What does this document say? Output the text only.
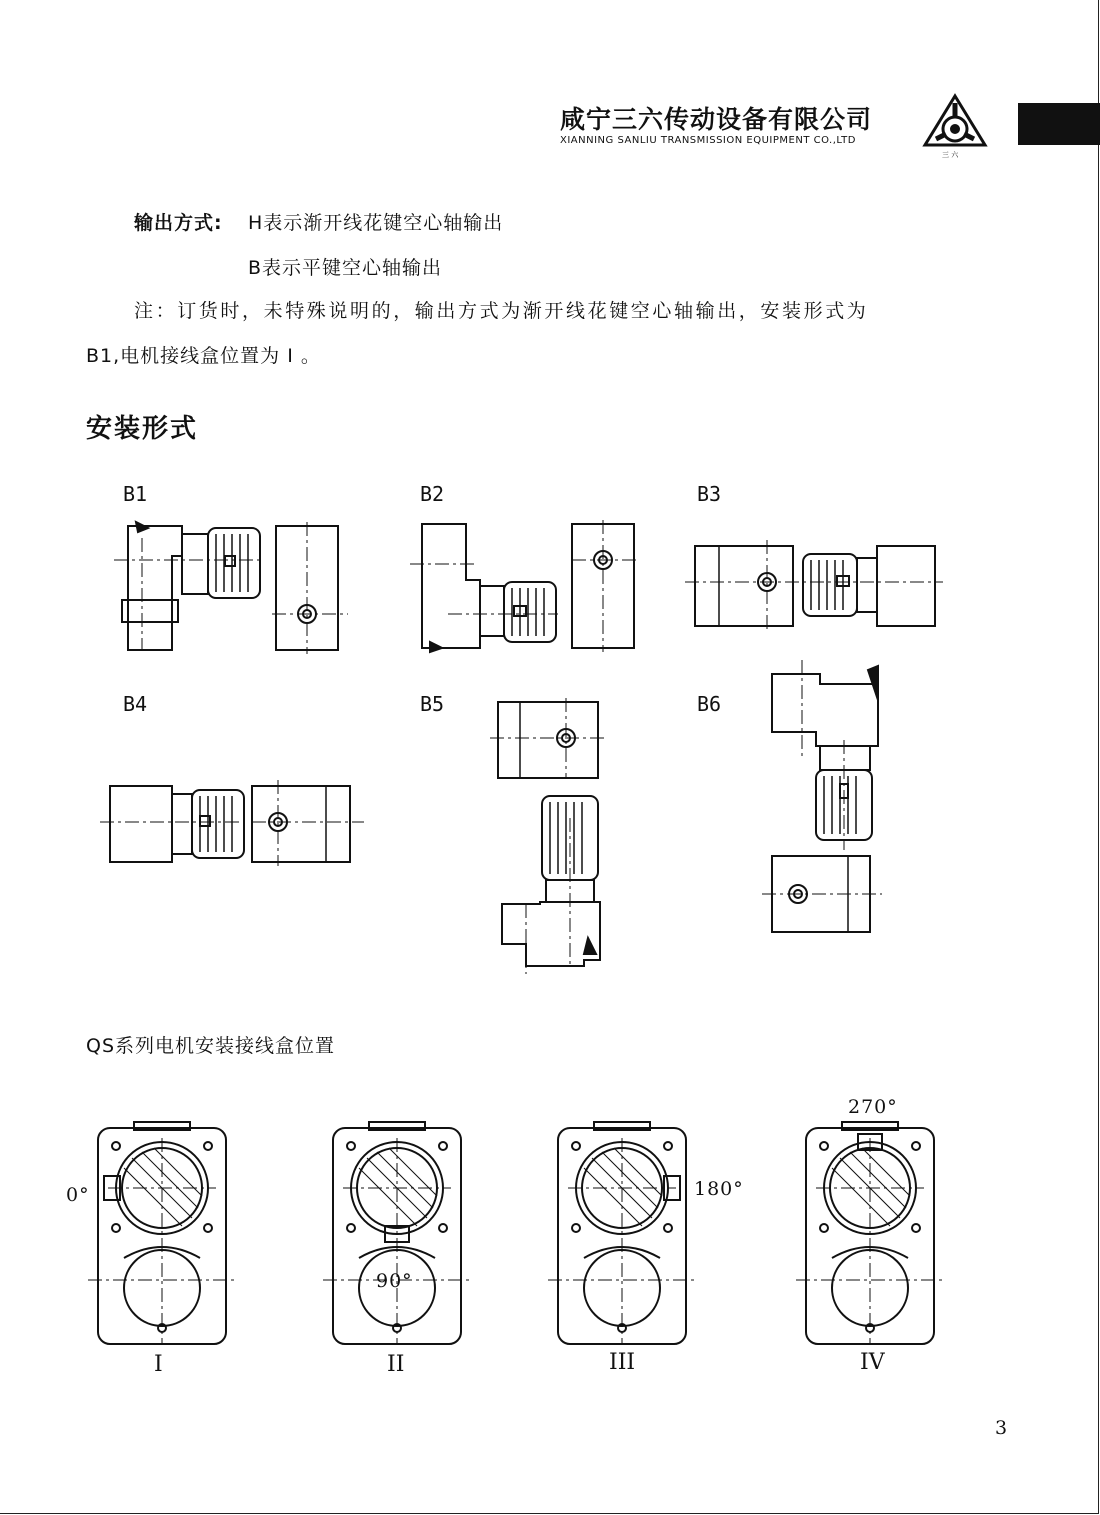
咸宁三六传动设备有限公司
XIANNING SANLIU TRANSMISSION EQUIPMENT CO.,LTD
三 六
输出方式: H表示渐开线花键空心轴输出
B表示平键空心轴输出
注：订货时，未特殊说明的，输出方式为渐开线花键空心轴输出，安装形式为
B1,电机接线盒位置为 I 。
安装形式
B1	B2	B3
B4	B5	B6
QS系列电机安装接线盒位置
0°
90°
180°
270°
I	II	III	IV
3
